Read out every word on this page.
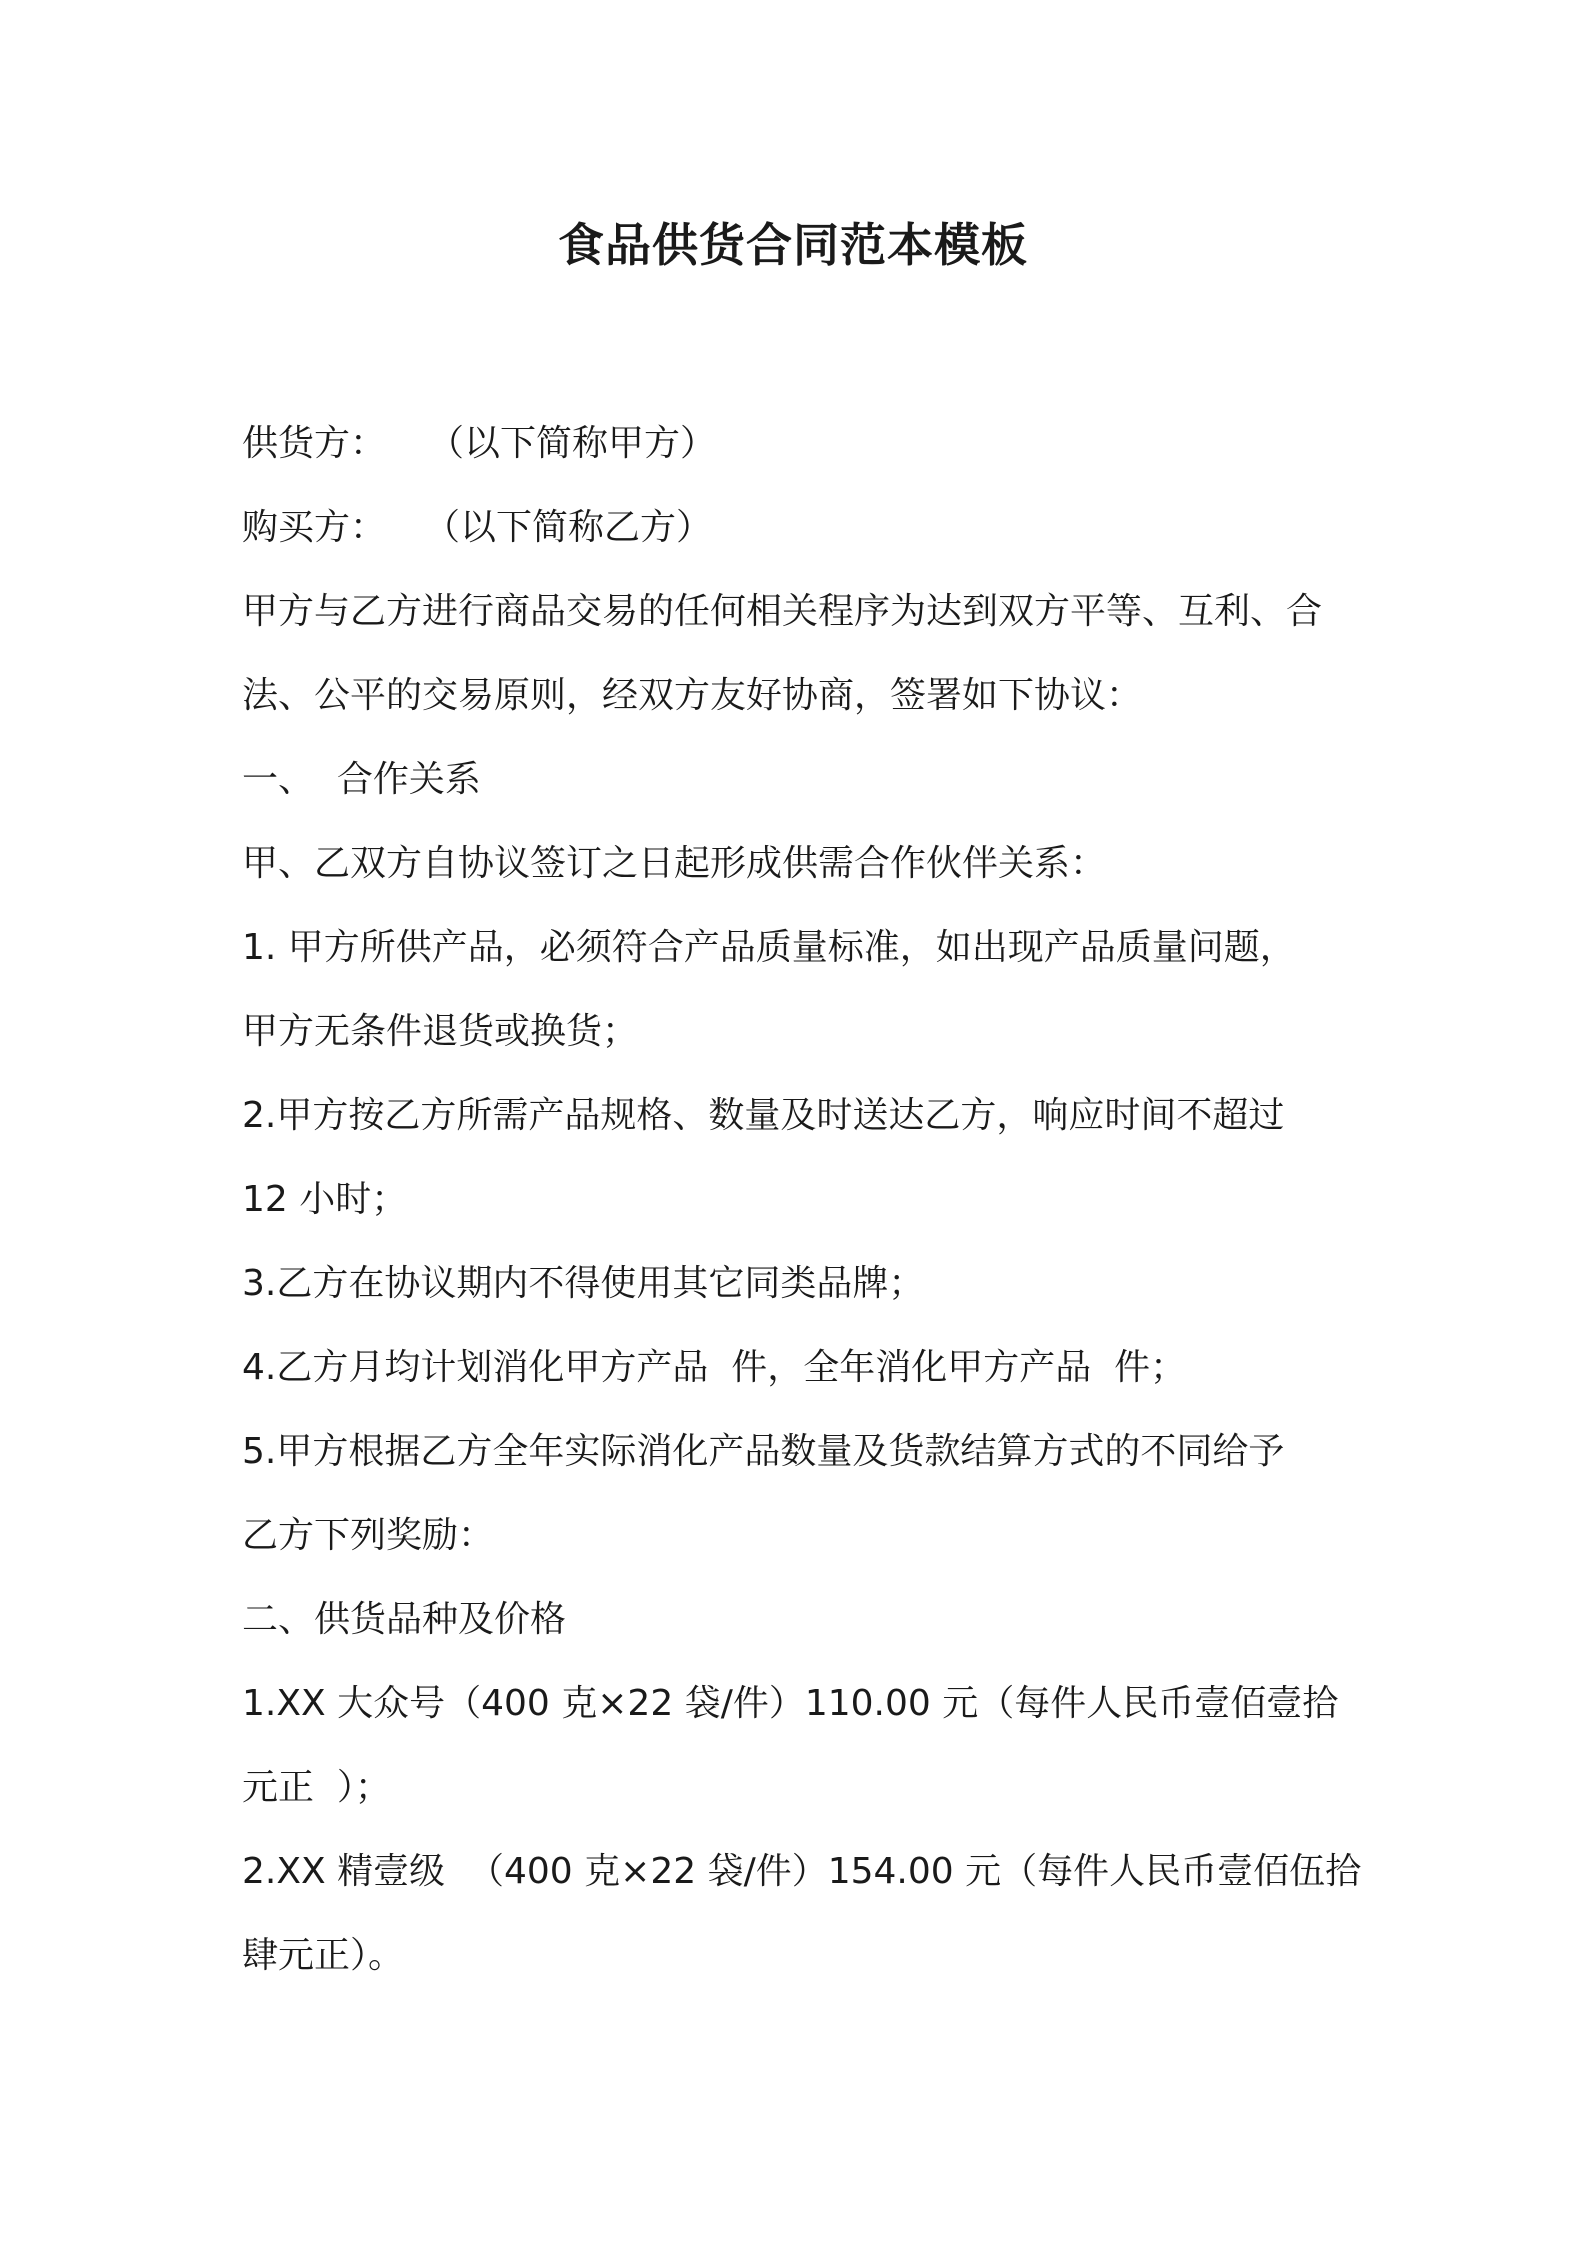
食品供货合同范本模板
供货方： （以下简称甲方）
购买方： （以下简称乙方）
甲方与乙方进行商品交易的任何相关程序为达到双方平等、互利、合
法、公平的交易原则，经双方友好协商，签署如下协议：
一、  合作关系
甲、乙双方自协议签订之日起形成供需合作伙伴关系：
1. 甲方所供产品，必须符合产品质量标准，如出现产品质量问题，
甲方无条件退货或换货；
2.甲方按乙方所需产品规格、数量及时送达乙方，响应时间不超过
12 小时；
3.乙方在协议期内不得使用其它同类品牌；
4.乙方月均计划消化甲方产品  件，全年消化甲方产品  件；
5.甲方根据乙方全年实际消化产品数量及货款结算方式的不同给予
乙方下列奖励：
二、供货品种及价格
1.XX 大众号（400 克×22 袋/件）110.00 元（每件人民币壹佰壹拾
元正  ）；
2.XX 精壹级  （400 克×22 袋/件）154.00 元（每件人民币壹佰伍拾
肆元正）。
